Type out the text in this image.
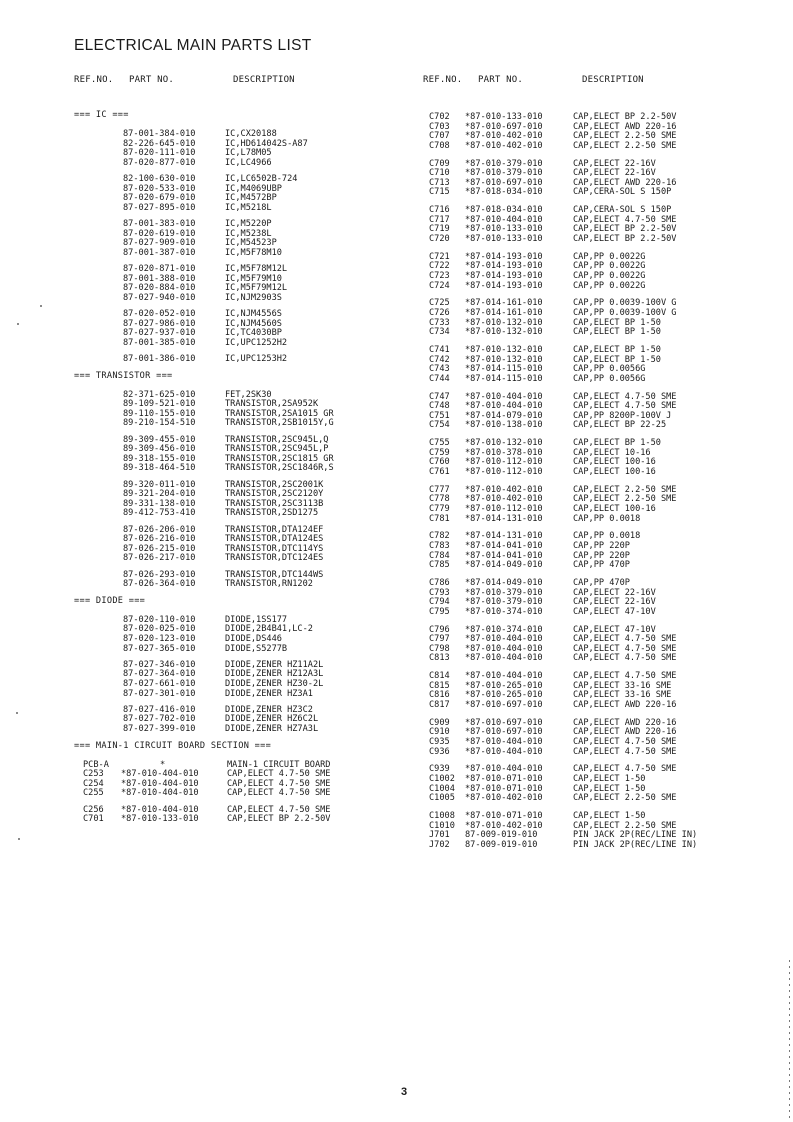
ELECTRICAL MAIN PARTS LIST
REF.NO. PART NO.	DESCRIPTION	REF.NO. PART NO.	DESCRIPTION
=== IC ===
87-001-384-010	IC,CX20188
82-226-645-010	IC,HD614042S-A87
87-020-111-010	IC,L78M05
87-020-877-010	IC,LC4966
82-100-630-010	IC,LC6502B-724
87-020-533-010	IC,M4069UBP
87-020-679-010	IC,M4572BP
87-027-895-010	IC,M5218L
87-001-383-010	IC,M5220P
87-020-619-010	IC,M5238L
87-027-909-010	IC,M54523P
87-001-387-010	IC,M5F78M10
87-020-871-010	IC,M5F78M12L
87-001-388-010	IC,M5F79M10
87-020-884-010	IC,M5F79M12L
87-027-940-010	IC,NJM2903S
87-020-052-010	IC,NJM4556S
87-027-986-010	IC,NJM4560S
87-027-937-010	IC,TC4030BP
87-001-385-010	IC,UPC1252H2
87-001-386-010	IC,UPC1253H2
=== TRANSISTOR ===
82-371-625-010	FET,2SK30
89-109-521-010	TRANSISTOR,2SA952K
89-110-155-010	TRANSISTOR,2SA1015 GR
89-210-154-510	TRANSISTOR,2SB1015Y,G
89-309-455-010	TRANSISTOR,2SC945L,Q
89-309-456-010	TRANSISTOR,2SC945L,P
89-318-155-010	TRANSISTOR,2SC1815 GR
89-318-464-510	TRANSISTOR,2SC1846R,S
89-320-011-010	TRANSISTOR,2SC2001K
89-321-204-010	TRANSISTOR,2SC2120Y
89-331-138-010	TRANSISTOR,2SC3113B
89-412-753-410	TRANSISTOR,2SD1275
87-026-206-010	TRANSISTOR,DTA124EF
87-026-216-010	TRANSISTOR,DTA124ES
87-026-215-010	TRANSISTOR,DTC114YS
87-026-217-010	TRANSISTOR,DTC124ES
87-026-293-010	TRANSISTOR,DTC144WS
87-026-364-010	TRANSISTOR,RN1202
=== DIODE ===
87-020-110-010	DIODE,1SS177
87-020-025-010	DIODE,2B4B41,LC-2
87-020-123-010	DIODE,DS446
87-027-365-010	DIODE,S5277B
87-027-346-010	DIODE,ZENER HZ11A2L
87-027-364-010	DIODE,ZENER HZ12A3L
87-027-661-010	DIODE,ZENER HZ30-2L
87-027-301-010	DIODE,ZENER HZ3A1
87-027-416-010	DIODE,ZENER HZ3C2
87-027-702-010	DIODE,ZENER HZ6C2L
87-027-399-010	DIODE,ZENER HZ7A3L
=== MAIN-1 CIRCUIT BOARD SECTION ===
PCB-A	*	MAIN-1 CIRCUIT BOARD
C253 *87-010-404-010	CAP,ELECT 4.7-50 SME
C254 *87-010-404-010	CAP,ELECT 4.7-50 SME
C255 *87-010-404-010	CAP,ELECT 4.7-50 SME
C256 *87-010-404-010	CAP,ELECT 4.7-50 SME
C701 *87-010-133-010	CAP,ELECT BP 2.2-50V
C702 *87-010-133-010	CAP,ELECT BP 2.2-50V
C703 *87-010-697-010	CAP,ELECT AWD 220-16
C707 *87-010-402-010	CAP,ELECT 2.2-50 SME
C708 *87-010-402-010	CAP,ELECT 2.2-50 SME
C709 *87-010-379-010	CAP,ELECT 22-16V
C710 *87-010-379-010	CAP,ELECT 22-16V
C713 *87-010-697-010	CAP,ELECT AWD 220-16
C715 *87-018-034-010	CAP,CERA-SOL S 150P
C716 *87-018-034-010	CAP,CERA-SOL S 150P
C717 *87-010-404-010	CAP,ELECT 4.7-50 SME
C719 *87-010-133-010	CAP,ELECT BP 2.2-50V
C720 *87-010-133-010	CAP,ELECT BP 2.2-50V
C721 *87-014-193-010	CAP,PP 0.0022G
C722 *87-014-193-010	CAP,PP 0.0022G
C723 *87-014-193-010	CAP,PP 0.0022G
C724 *87-014-193-010	CAP,PP 0.0022G
C725 *87-014-161-010	CAP,PP 0.0039-100V G
C726 *87-014-161-010	CAP,PP 0.0039-100V G
C733 *87-010-132-010	CAP,ELECT BP 1-50
C734 *87-010-132-010	CAP,ELECT BP 1-50
C741 *87-010-132-010	CAP,ELECT BP 1-50
C742 *87-010-132-010	CAP,ELECT BP 1-50
C743 *87-014-115-010	CAP,PP 0.0056G
C744 *87-014-115-010	CAP,PP 0.0056G
C747 *87-010-404-010	CAP,ELECT 4.7-50 SME
C748 *87-010-404-010	CAP,ELECT 4.7-50 SME
C751 *87-014-079-010	CAP,PP 8200P-100V J
C754 *87-010-138-010	CAP,ELECT BP 22-25
C755 *87-010-132-010	CAP,ELECT BP 1-50
C759 *87-010-378-010	CAP,ELECT 10-16
C760 *87-010-112-010	CAP,ELECT 100-16
C761 *87-010-112-010	CAP,ELECT 100-16
C777 *87-010-402-010	CAP,ELECT 2.2-50 SME
C778 *87-010-402-010	CAP,ELECT 2.2-50 SME
C779 *87-010-112-010	CAP,ELECT 100-16
C781 *87-014-131-010	CAP,PP 0.0018
C782 *87-014-131-010	CAP,PP 0.0018
C783 *87-014-041-010	CAP,PP 220P
C784 *87-014-041-010	CAP,PP 220P
C785 *87-014-049-010	CAP,PP 470P
C786 *87-014-049-010	CAP,PP 470P
C793 *87-010-379-010	CAP,ELECT 22-16V
C794 *87-010-379-010	CAP,ELECT 22-16V
C795 *87-010-374-010	CAP,ELECT 47-10V
C796 *87-010-374-010	CAP,ELECT 47-10V
C797 *87-010-404-010	CAP,ELECT 4.7-50 SME
C798 *87-010-404-010	CAP,ELECT 4.7-50 SME
C813 *87-010-404-010	CAP,ELECT 4.7-50 SME
C814 *87-010-404-010	CAP,ELECT 4.7-50 SME
C815 *87-010-265-010	CAP,ELECT 33-16 SME
C816 *87-010-265-010	CAP,ELECT 33-16 SME
C817 *87-010-697-010	CAP,ELECT AWD 220-16
C909 *87-010-697-010	CAP,ELECT AWD 220-16
C910 *87-010-697-010	CAP,ELECT AWD 220-16
C935 *87-010-404-010	CAP,ELECT 4.7-50 SME
C936 *87-010-404-010	CAP,ELECT 4.7-50 SME
C939 *87-010-404-010	CAP,ELECT 4.7-50 SME
C1002 *87-010-071-010	CAP,ELECT 1-50
C1004 *87-010-071-010	CAP,ELECT 1-50
C1005 *87-010-402-010	CAP,ELECT 2.2-50 SME
C1008 *87-010-071-010	CAP,ELECT 1-50
C1010 *87-010-402-010	CAP,ELECT 2.2-50 SME
J701 87-009-019-010	PIN JACK 2P(REC/LINE IN)
J702 87-009-019-010	PIN JACK 2P(REC/LINE IN)
3
